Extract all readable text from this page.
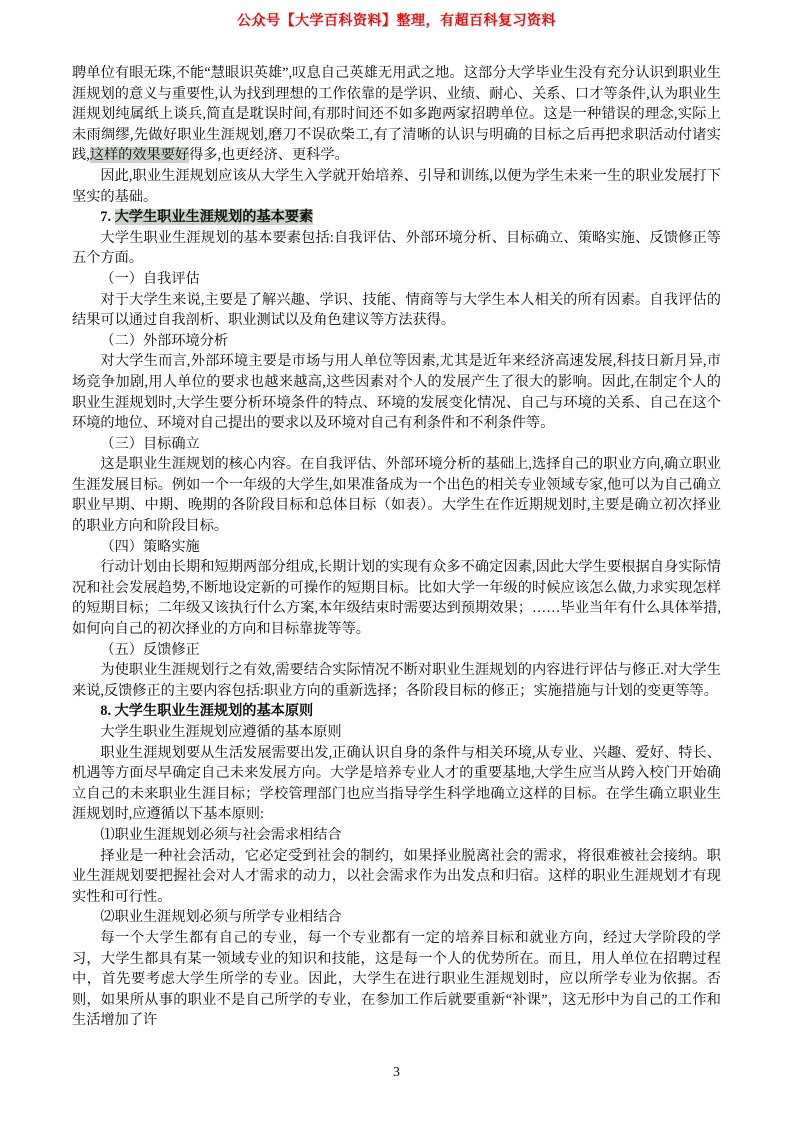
公众号【大学百科资料】整理，有超百科复习资料

聘单位有眼无珠,不能“慧眼识英雄”,叹息自己英雄无用武之地。这部分大学毕业生没有充分认识到职业生涯规划的意义与重要性,认为找到理想的工作依靠的是学识、业绩、耐心、关系、口才等条件,认为职业生涯规划纯属纸上谈兵,简直是耽误时间,有那时间还不如多跑两家招聘单位。这是一种错误的理念,实际上未雨绸缪,先做好职业生涯规划,磨刀不误砍柴工,有了清晰的认识与明确的目标之后再把求职活动付诸实践,这样的效果要好得多,也更经济、更科学。

因此,职业生涯规划应该从大学生入学就开始培养、引导和训练,以便为学生未来一生的职业发展打下坚实的基础。

7. 大学生职业生涯规划的基本要素

大学生职业生涯规划的基本要素包括:自我评估、外部环境分析、目标确立、策略实施、反馈修正等五个方面。

（一）自我评估

对于大学生来说,主要是了解兴趣、学识、技能、情商等与大学生本人相关的所有因素。自我评估的结果可以通过自我剖析、职业测试以及角色建议等方法获得。

（二）外部环境分析

对大学生而言,外部环境主要是市场与用人单位等因素,尤其是近年来经济高速发展,科技日新月异,市场竞争加剧,用人单位的要求也越来越高,这些因素对个人的发展产生了很大的影响。因此,在制定个人的职业生涯规划时,大学生要分析环境条件的特点、环境的发展变化情况、自己与环境的关系、自己在这个环境的地位、环境对自己提出的要求以及环境对自己有利条件和不利条件等。

（三）目标确立

这是职业生涯规划的核心内容。在自我评估、外部环境分析的基础上,选择自己的职业方向,确立职业生涯发展目标。例如一个一年级的大学生,如果准备成为一个出色的相关专业领域专家,他可以为自己确立职业早期、中期、晚期的各阶段目标和总体目标（如表）。大学生在作近期规划时,主要是确立初次择业的职业方向和阶段目标。

（四）策略实施

行动计划由长期和短期两部分组成,长期计划的实现有众多不确定因素,因此大学生要根据自身实际情况和社会发展趋势,不断地设定新的可操作的短期目标。比如大学一年级的时候应该怎么做,力求实现怎样的短期目标；二年级又该执行什么方案,本年级结束时需要达到预期效果；……毕业当年有什么具体举措,如何向自己的初次择业的方向和目标靠拢等等。

（五）反馈修正

为使职业生涯规划行之有效,需要结合实际情况不断对职业生涯规划的内容进行评估与修正.对大学生来说,反馈修正的主要内容包括:职业方向的重新选择；各阶段目标的修正；实施措施与计划的变更等等。

8. 大学生职业生涯规划的基本原则

大学生职业生涯规划应遵循的基本原则

职业生涯规划要从生活发展需要出发,正确认识自身的条件与相关环境,从专业、兴趣、爱好、特长、机遇等方面尽早确定自己未来发展方向。大学是培养专业人才的重要基地,大学生应当从跨入校门开始确立自己的未来职业生涯目标；学校管理部门也应当指导学生科学地确立这样的目标。在学生确立职业生涯规划时,应遵循以下基本原则:

⑴职业生涯规划必须与社会需求相结合

择业是一种社会活动，它必定受到社会的制约，如果择业脱离社会的需求，将很难被社会接纳。职业生涯规划要把握社会对人才需求的动力，以社会需求作为出发点和归宿。这样的职业生涯规划才有现实性和可行性。

⑵职业生涯规划必须与所学专业相结合

每一个大学生都有自己的专业，每一个专业都有一定的培养目标和就业方向，经过大学阶段的学习，大学生都具有某一领域专业的知识和技能，这是每一个人的优势所在。而且，用人单位在招聘过程中，首先要考虑大学生所学的专业。因此，大学生在进行职业生涯规划时，应以所学专业为依据。否则，如果所从事的职业不是自己所学的专业，在参加工作后就要重新“补课”，这无形中为自己的工作和生活增加了许

3
